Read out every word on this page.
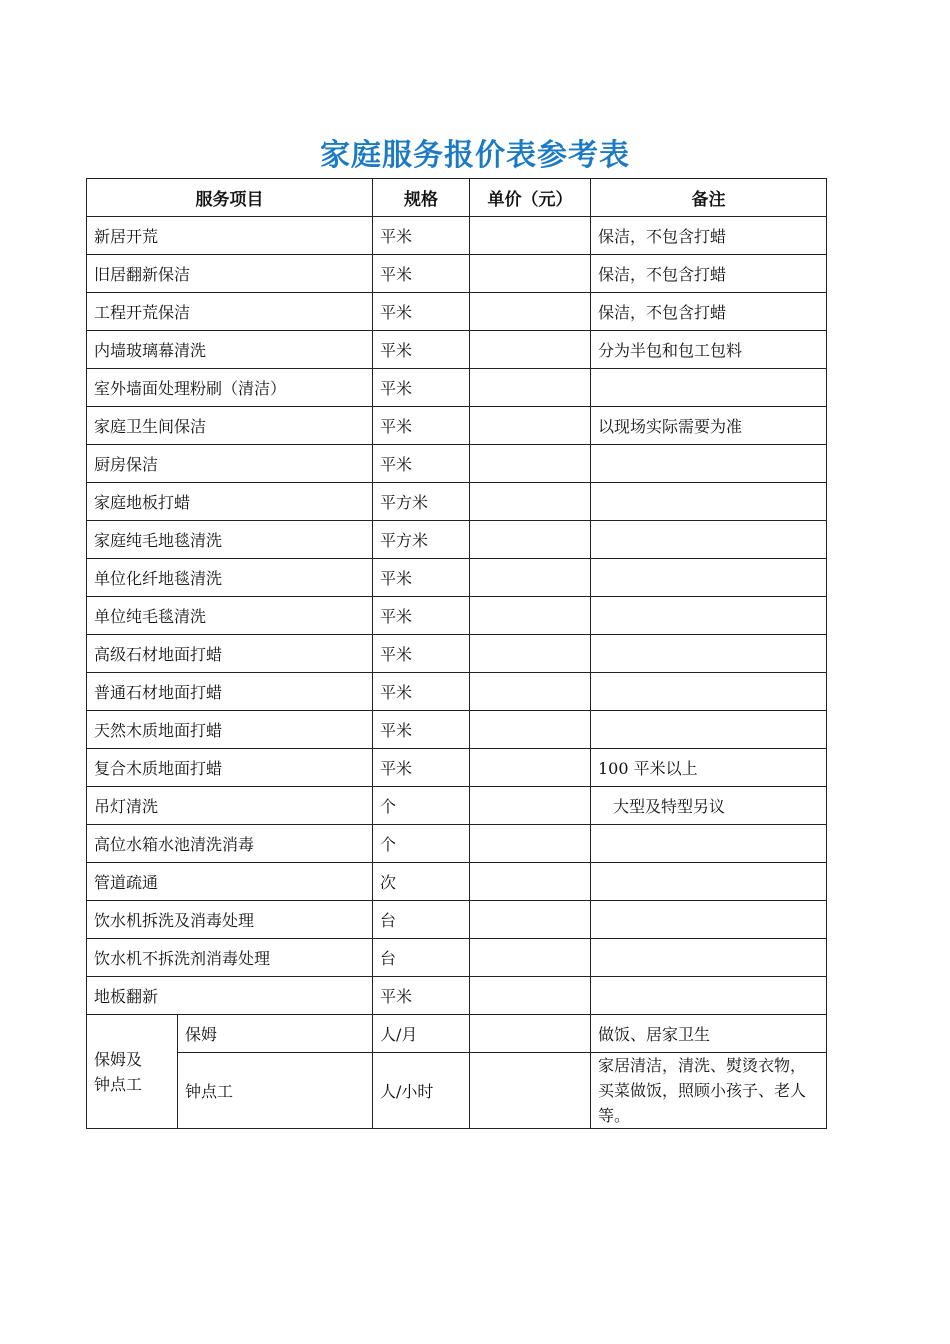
家庭服务报价表参考表
服务项目		规格	单价（元）	备注
新居开荒		平米		保洁，不包含打蜡
旧居翻新保洁		平米		保洁，不包含打蜡
工程开荒保洁		平米		保洁，不包含打蜡
内墙玻璃幕清洗		平米		分为半包和包工包料
室外墙面处理粉刷（清洁）		平米		
家庭卫生间保洁		平米		以现场实际需要为准
厨房保洁		平米		
家庭地板打蜡		平方米		
家庭纯毛地毯清洗		平方米		
单位化纤地毯清洗		平米		
单位纯毛毯清洗		平米		
高级石材地面打蜡		平米		
普通石材地面打蜡		平米		
天然木质地面打蜡		平米		
复合木质地面打蜡		平米		100 平米以上
吊灯清洗		个		大型及特型另议
高位水箱水池清洗消毒		个		
管道疏通		次		
饮水机拆洗及消毒处理		台		
饮水机不拆洗剂消毒处理		台		
地板翻新		平米		

保姆及钟点工	保姆	人/月		做饭、居家卫生
	钟点工	人/小时		家居清洁，清洗、熨烫衣物，买菜做饭，照顾小孩子、老人等。
